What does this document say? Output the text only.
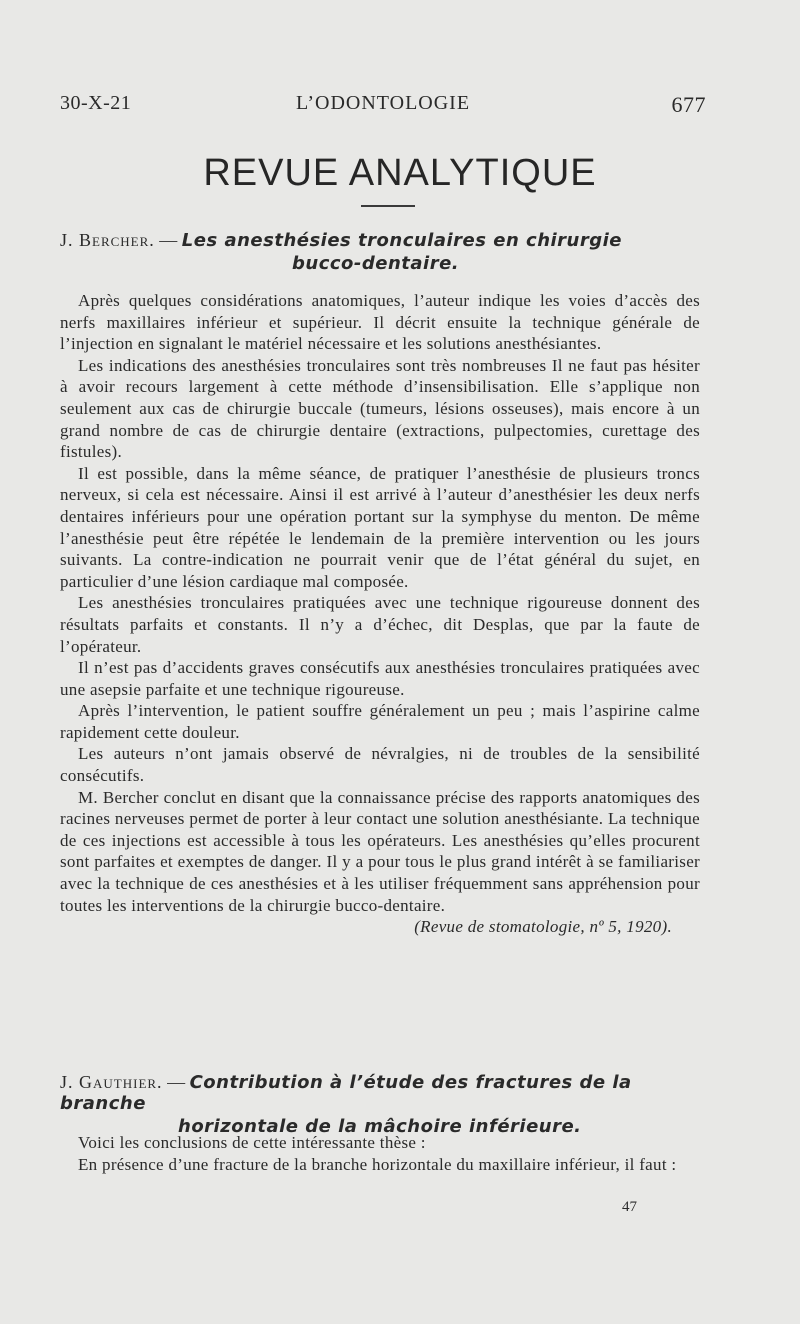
30-X-21	L’ODONTOLOGIE	677
REVUE ANALYTIQUE
J. Bercher. — Les anesthésies tronculaires en chirurgie
bucco-dentaire.

Après quelques considérations anatomiques, l’auteur indique les voies d’accès des nerfs maxillaires inférieur et supérieur. Il décrit ensuite la technique générale de l’injection en signalant le matériel nécessaire et les solutions anesthésiantes.

Les indications des anesthésies tronculaires sont très nombreuses Il ne faut pas hésiter à avoir recours largement à cette méthode d’insensibilisation. Elle s’applique non seulement aux cas de chirurgie buccale (tumeurs, lésions osseuses), mais encore à un grand nombre de cas de chirurgie dentaire (extractions, pulpectomies, curettage des fistules).

Il est possible, dans la même séance, de pratiquer l’anesthésie de plusieurs troncs nerveux, si cela est nécessaire. Ainsi il est arrivé à l’auteur d’anesthésier les deux nerfs dentaires inférieurs pour une opération portant sur la symphyse du menton. De même l’anesthésie peut être répétée le lendemain de la première intervention ou les jours suivants. La contre-indication ne pourrait venir que de l’état général du sujet, en particulier d’une lésion cardiaque mal composée.

Les anesthésies tronculaires pratiquées avec une technique rigoureuse donnent des résultats parfaits et constants. Il n’y a d’échec, dit Desplas, que par la faute de l’opérateur.

Il n’est pas d’accidents graves consécutifs aux anesthésies tronculaires pratiquées avec une asepsie parfaite et une technique rigoureuse.

Après l’intervention, le patient souffre généralement un peu ; mais l’aspirine calme rapidement cette douleur.

Les auteurs n’ont jamais observé de névralgies, ni de troubles de la sensibilité consécutifs.

M. Bercher conclut en disant que la connaissance précise des rapports anatomiques des racines nerveuses permet de porter à leur contact une solution anesthésiante. La technique de ces injections est accessible à tous les opérateurs. Les anesthésies qu’elles procurent sont parfaites et exemptes de danger. Il y a pour tous le plus grand intérêt à se familiariser avec la technique de ces anesthésies et à les utiliser fréquemment sans appréhension pour toutes les interventions de la chirurgie bucco-dentaire.

(Revue de stomatologie, nº 5, 1920).
J. Gauthier. — Contribution à l’étude des fractures de la branche
horizontale de la mâchoire inférieure.

Voici les conclusions de cette intéressante thèse :

En présence d’une fracture de la branche horizontale du maxillaire inférieur, il faut :

47
